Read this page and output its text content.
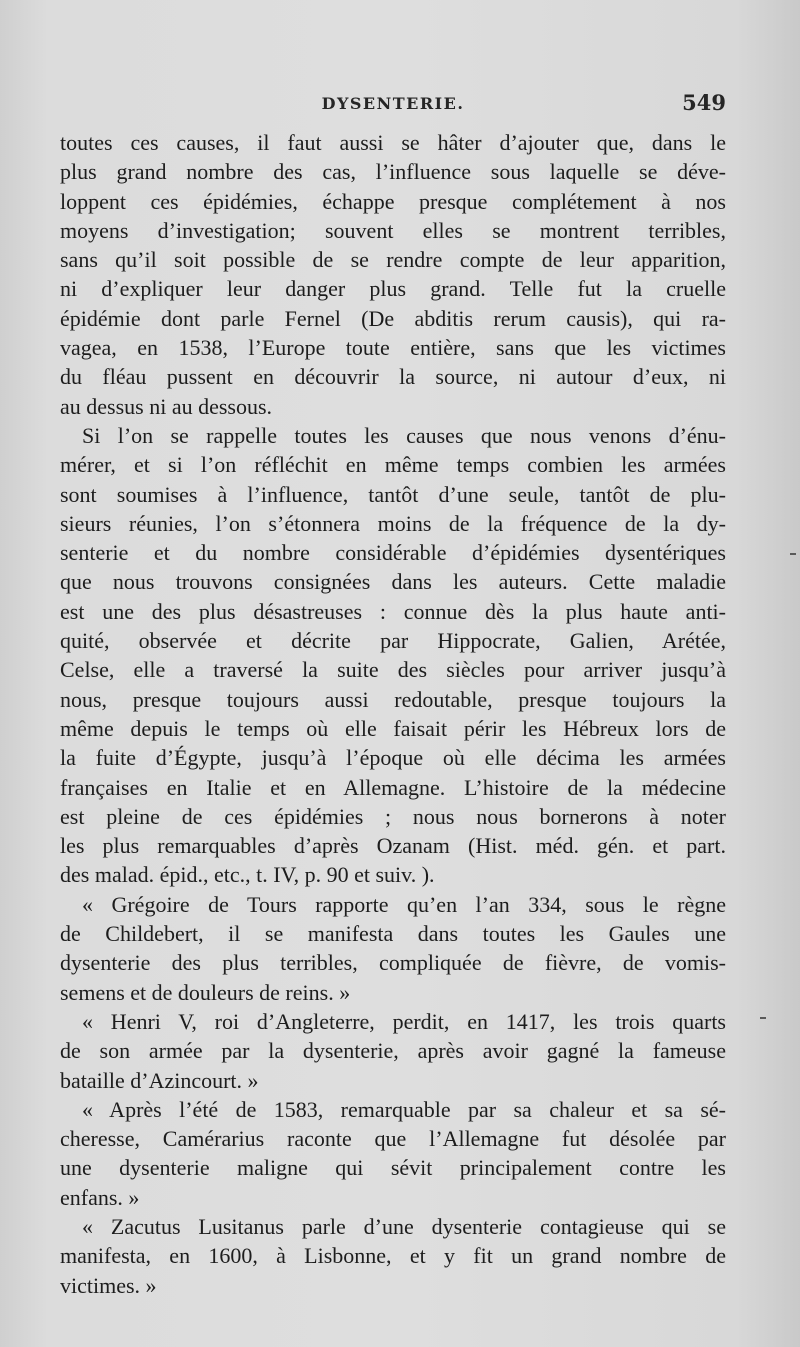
DYSENTERIE.	549
toutes ces causes, il faut aussi se hâter d’ajouter que, dans le
plus grand nombre des cas, l’influence sous laquelle se déve-
loppent ces épidémies, échappe presque complétement à nos
moyens d’investigation; souvent elles se montrent terribles,
sans qu’il soit possible de se rendre compte de leur apparition,
ni d’expliquer leur danger plus grand. Telle fut la cruelle
épidémie dont parle Fernel (De abditis rerum causis), qui ra-
vagea, en 1538, l’Europe toute entière, sans que les victimes
du fléau pussent en découvrir la source, ni autour d’eux, ni
au dessus ni au dessous.
Si l’on se rappelle toutes les causes que nous venons d’énu-
mérer, et si l’on réfléchit en même temps combien les armées
sont soumises à l’influence, tantôt d’une seule, tantôt de plu-
sieurs réunies, l’on s’étonnera moins de la fréquence de la dy-
senterie et du nombre considérable d’épidémies dysentériques
que nous trouvons consignées dans les auteurs. Cette maladie
est une des plus désastreuses : connue dès la plus haute anti-
quité, observée et décrite par Hippocrate, Galien, Arétée,
Celse, elle a traversé la suite des siècles pour arriver jusqu’à
nous, presque toujours aussi redoutable, presque toujours la
même depuis le temps où elle faisait périr les Hébreux lors de
la fuite d’Égypte, jusqu’à l’époque où elle décima les armées
françaises en Italie et en Allemagne. L’histoire de la médecine
est pleine de ces épidémies ; nous nous bornerons à noter
les plus remarquables d’après Ozanam (Hist. méd. gén. et part.
des malad. épid., etc., t. IV, p. 90 et suiv. ).
« Grégoire de Tours rapporte qu’en l’an 334, sous le règne
de Childebert, il se manifesta dans toutes les Gaules une
dysenterie des plus terribles, compliquée de fièvre, de vomis-
semens et de douleurs de reins. »
« Henri V, roi d’Angleterre, perdit, en 1417, les trois quarts
de son armée par la dysenterie, après avoir gagné la fameuse
bataille d’Azincourt. »
« Après l’été de 1583, remarquable par sa chaleur et sa sé-
cheresse, Camérarius raconte que l’Allemagne fut désolée par
une dysenterie maligne qui sévit principalement contre les
enfans. »
« Zacutus Lusitanus parle d’une dysenterie contagieuse qui se
manifesta, en 1600, à Lisbonne, et y fit un grand nombre de
victimes. »
